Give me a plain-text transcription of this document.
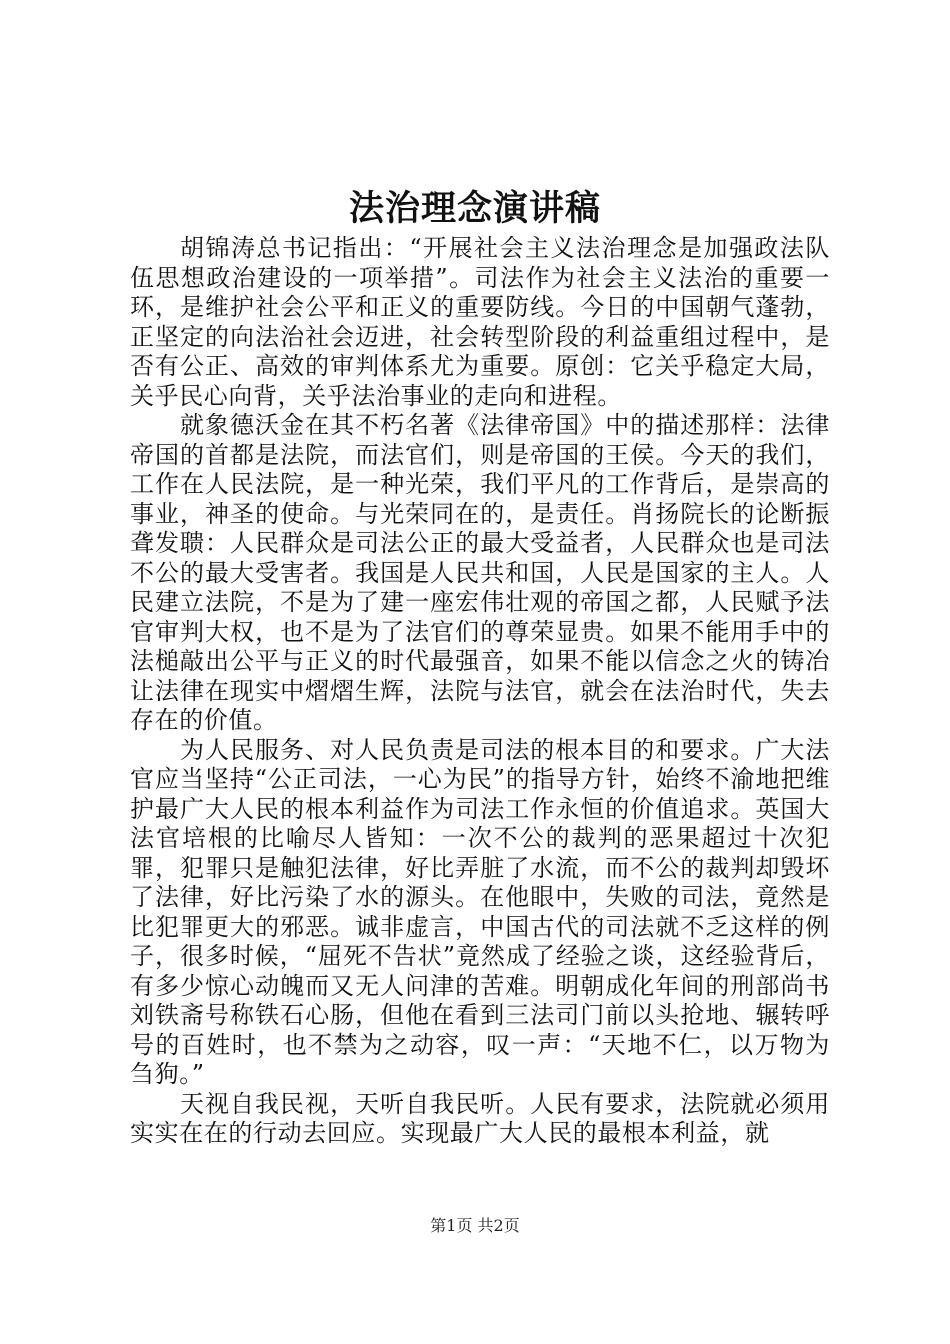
法治理念演讲稿

胡锦涛总书记指出：“开展社会主义法治理念是加强政法队伍思想政治建设的一项举措”。司法作为社会主义法治的重要一环，是维护社会公平和正义的重要防线。今日的中国朝气蓬勃，正坚定的向法治社会迈进，社会转型阶段的利益重组过程中，是否有公正、高效的审判体系尤为重要。原创：它关乎稳定大局，关乎民心向背，关乎法治事业的走向和进程。

就象德沃金在其不朽名著《法律帝国》中的描述那样：法律帝国的首都是法院，而法官们，则是帝国的王侯。今天的我们，工作在人民法院，是一种光荣，我们平凡的工作背后，是崇高的事业，神圣的使命。与光荣同在的，是责任。肖扬院长的论断振聋发聩：人民群众是司法公正的最大受益者，人民群众也是司法不公的最大受害者。我国是人民共和国，人民是国家的主人。人民建立法院，不是为了建一座宏伟壮观的帝国之都，人民赋予法官审判大权，也不是为了法官们的尊荣显贵。如果不能用手中的法槌敲出公平与正义的时代最强音，如果不能以信念之火的铸冶让法律在现实中熠熠生辉，法院与法官，就会在法治时代，失去存在的价值。

为人民服务、对人民负责是司法的根本目的和要求。广大法官应当坚持“公正司法，一心为民”的指导方针，始终不渝地把维护最广大人民的根本利益作为司法工作永恒的价值追求。英国大法官培根的比喻尽人皆知：一次不公的裁判的恶果超过十次犯罪，犯罪只是触犯法律，好比弄脏了水流，而不公的裁判却毁坏了法律，好比污染了水的源头。在他眼中，失败的司法，竟然是比犯罪更大的邪恶。诚非虚言，中国古代的司法就不乏这样的例子，很多时候，“屈死不告状”竟然成了经验之谈，这经验背后，有多少惊心动魄而又无人问津的苦难。明朝成化年间的刑部尚书刘铁斋号称铁石心肠，但他在看到三法司门前以头抢地、辗转呼号的百姓时，也不禁为之动容，叹一声：“天地不仁，以万物为刍狗。”

天视自我民视，天听自我民听。人民有要求，法院就必须用实实在在的行动去回应。实现最广大人民的最根本利益，就

第1页 共2页
